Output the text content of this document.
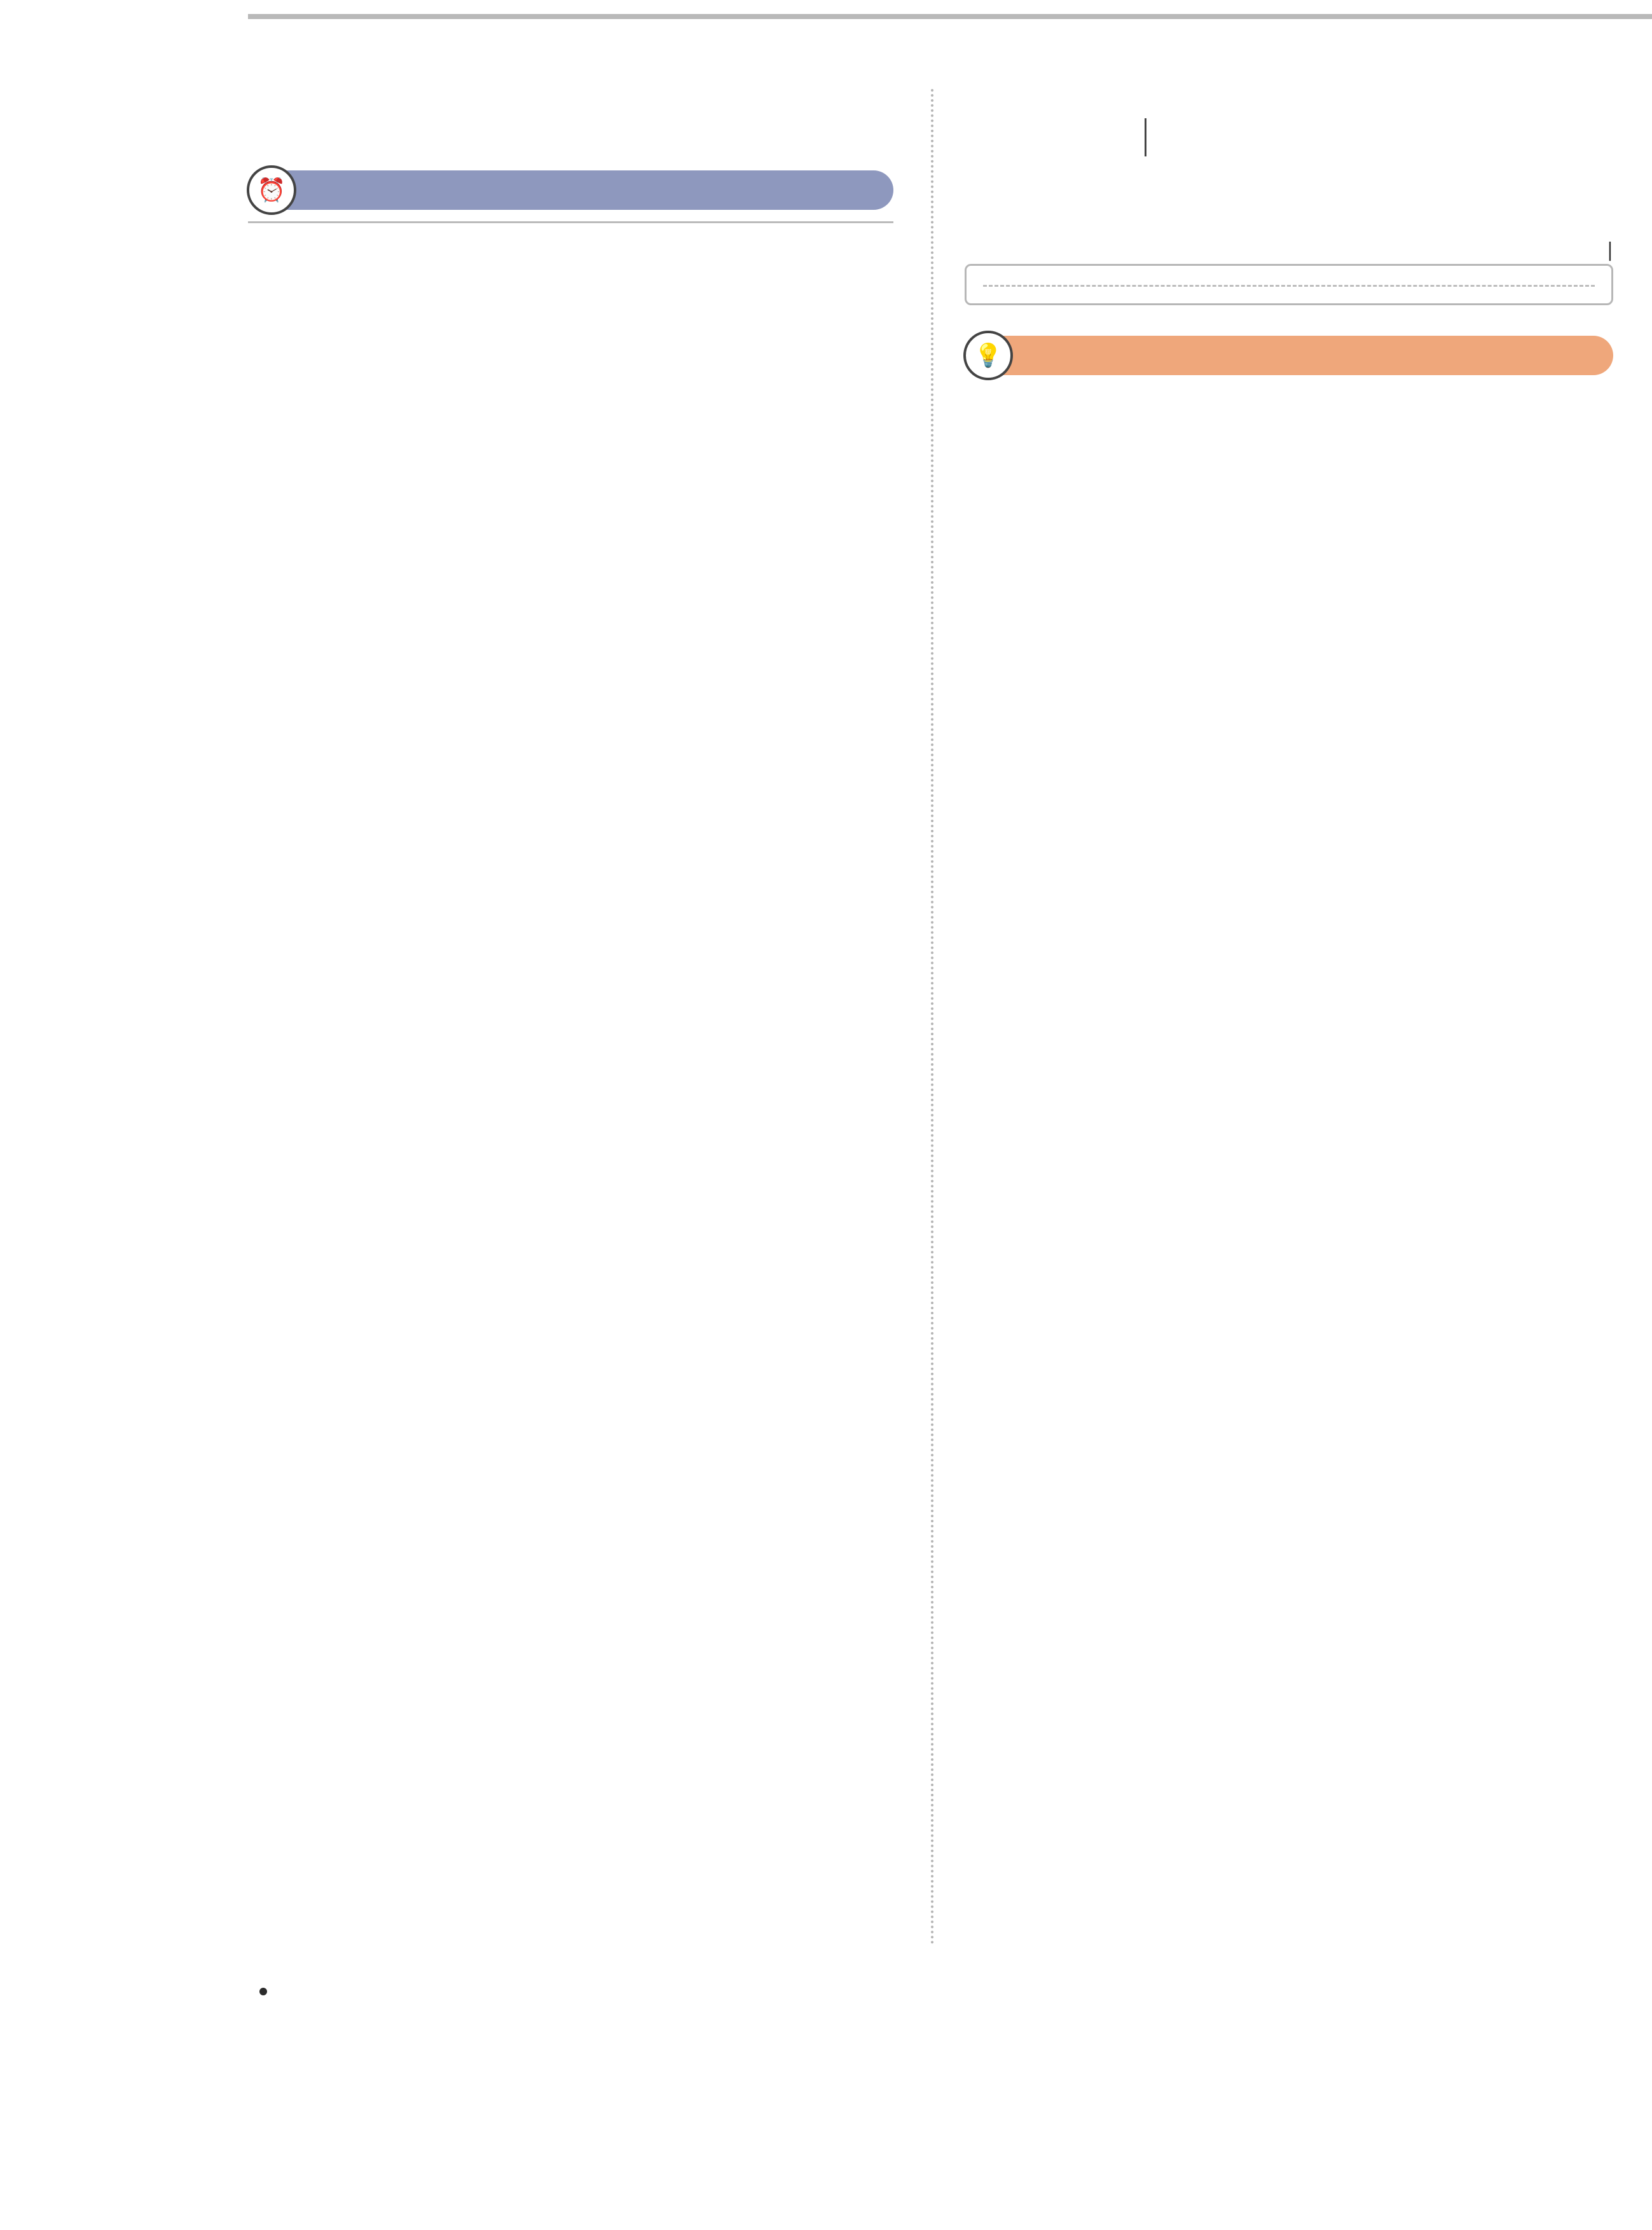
⏰
|
💡
